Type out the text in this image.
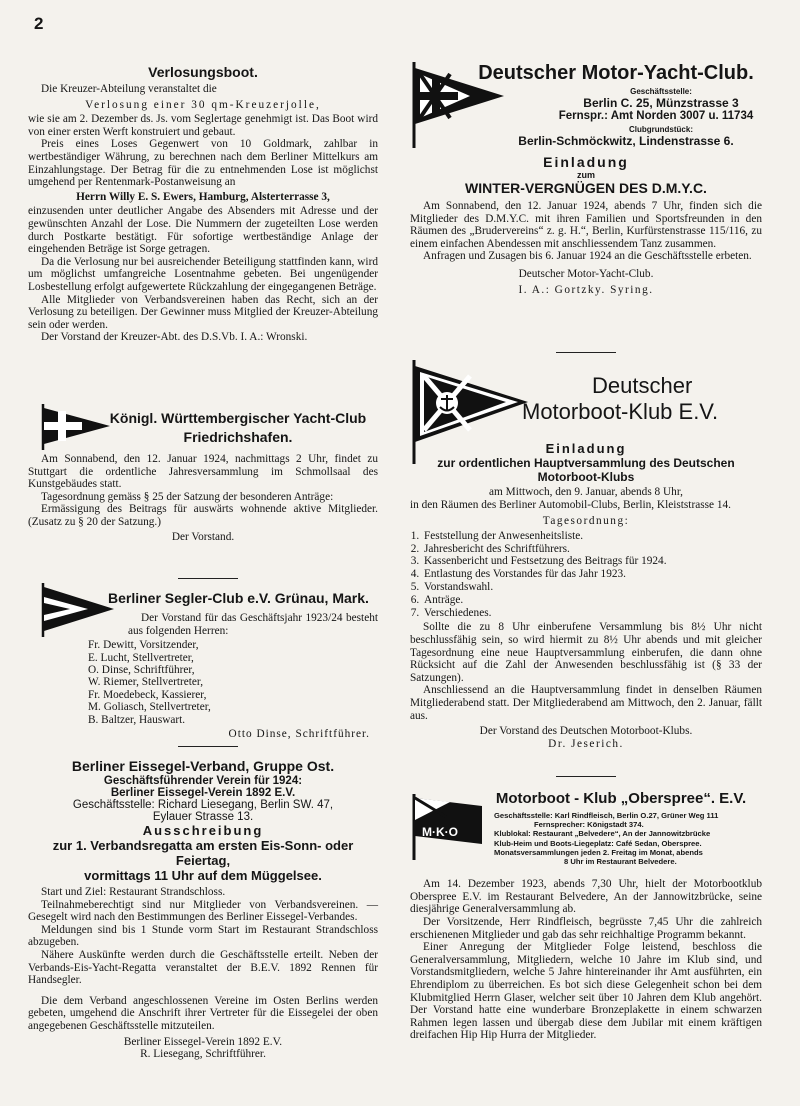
2
Verlosungsboot.

Die Kreuzer-Abteilung veranstaltet die

Verlosung einer 30 qm-Kreuzerjolle,

wie sie am 2. Dezember ds. Js. vom Seglertage genehmigt ist. Das Boot wird von einer ersten Werft konstruiert und gebaut.

Preis eines Loses Gegenwert von 10 Goldmark, zahlbar in wertbeständiger Währung, zu berechnen nach dem Berliner Mittelkurs am Einzahlungstage. Der Betrag für die zu entnehmenden Lose ist möglichst umgehend per Rentenmark-Postanweisung an

Herrn Willy E. S. Ewers, Hamburg, Alsterterrasse 3,

einzusenden unter deutlicher Angabe des Absenders mit Adresse und der gewünschten Anzahl der Lose. Die Nummern der zugeteilten Lose werden durch Postkarte bestätigt. Für sofortige wertbeständige Anlage der eingehenden Beträge ist Sorge getragen.

Da die Verlosung nur bei ausreichender Beteiligung stattfinden kann, wird um möglichst umfangreiche Losentnahme gebeten. Bei ungenügender Losbestellung erfolgt aufgewertete Rückzahlung der eingegangenen Beträge.

Alle Mitglieder von Verbandsvereinen haben das Recht, sich an der Verlosung zu beteiligen. Der Gewinner muss Mitglied der Kreuzer-Abteilung sein oder werden.

Der Vorstand der Kreuzer-Abt. des D.S.Vb. I. A.: Wronski.

Königl. Württembergischer Yacht-Club
Friedrichshafen.

Am Sonnabend, den 12. Januar 1924, nachmittags 2 Uhr, findet zu Stuttgart die ordentliche Jahresversammlung im Schmollsaal des Kunstgebäudes statt.

Tagesordnung gemäss § 25 der Satzung der besonderen Anträge:

Ermässigung des Beitrags für auswärts wohnende aktive Mitglieder. (Zusatz zu § 20 der Satzung.)

Der Vorstand.

Berliner Segler-Club e.V. Grünau, Mark.

Der Vorstand für das Geschäftsjahr 1923/24 besteht aus folgenden Herren:

Fr. Dewitt, Vorsitzender,
E. Lucht, Stellvertreter,
O. Dinse, Schriftführer,
W. Riemer, Stellvertreter,
Fr. Moedebeck, Kassierer,
M. Goliasch, Stellvertreter,
B. Baltzer, Hauswart.

Otto Dinse, Schriftführer.

Berliner Eissegel-Verband, Gruppe Ost.
Geschäftsführender Verein für 1924:
Berliner Eissegel-Verein 1892 E.V.
Geschäftsstelle: Richard Liesegang, Berlin SW. 47,
Eylauer Strasse 13.
Ausschreibung
zur 1. Verbandsregatta am ersten Eis-Sonn- oder Feiertag,
vormittags 11 Uhr auf dem Müggelsee.

Start und Ziel: Restaurant Strandschloss.

Teilnahmeberechtigt sind nur Mitglieder von Verbandsvereinen. — Gesegelt wird nach den Bestimmungen des Berliner Eissegel-Verbandes.

Meldungen sind bis 1 Stunde vorm Start im Restaurant Strandschloss abzugeben.

Nähere Auskünfte werden durch die Geschäftsstelle erteilt. Neben der Verbands-Eis-Yacht-Regatta veranstaltet der B.E.V. 1892 Rennen für Handsegler.

Die dem Verband angeschlossenen Vereine im Osten Berlins werden gebeten, umgehend die Anschrift ihrer Vertreter für die Eissegelei der oben angegebenen Geschäftsstelle mitzuteilen.

Berliner Eissegel-Verein 1892 E.V.

R. Liesegang, Schriftführer.

Deutscher Motor-Yacht-Club.
Geschäftsstelle:
Berlin C. 25, Münzstrasse 3
Fernspr.: Amt Norden 3007 u. 11734
Clubgrundstück:
Berlin-Schmöckwitz, Lindenstrasse 6.
Einladung
zum
WINTER-VERGNÜGEN DES D.M.Y.C.

Am Sonnabend, den 12. Januar 1924, abends 7 Uhr, finden sich die Mitglieder des D.M.Y.C. mit ihren Familien und Sportsfreunden in den Räumen des „Brudervereins“ z. g. H.“, Berlin, Kurfürstenstrasse 115/116, zu einem einfachen Abendessen mit anschliessendem Tanz zusammen.

Anfragen und Zusagen bis 6. Januar 1924 an die Geschäftsstelle erbeten.

Deutscher Motor-Yacht-Club.

I. A.: Gortzky. Syring.

Deutscher
Motorboot-Klub E.V.
Einladung
zur ordentlichen Hauptversammlung des Deutschen
Motorboot-Klubs

am Mittwoch, den 9. Januar, abends 8 Uhr,

in den Räumen des Berliner Automobil-Clubs, Berlin, Kleiststrasse 14.

Tagesordnung:

1. Feststellung der Anwesenheitsliste.
2. Jahresbericht des Schriftführers.
3. Kassenbericht und Festsetzung des Beitrags für 1924.
4. Entlastung des Vorstandes für das Jahr 1923.
5. Vorstandswahl.
6. Anträge.
7. Verschiedenes.

Sollte die zu 8 Uhr einberufene Versammlung bis 8½ Uhr nicht beschlussfähig sein, so wird hiermit zu 8½ Uhr abends und mit gleicher Tagesordnung eine neue Hauptversammlung einberufen, die dann ohne Rücksicht auf die Zahl der Anwesenden beschlussfähig ist (§ 33 der Satzungen).

Anschliessend an die Hauptversammlung findet in denselben Räumen Mitgliederabend statt. Der Mitgliederabend am Mittwoch, den 2. Januar, fällt aus.

Der Vorstand des Deutschen Motorboot-Klubs.

Dr. Jeserich.

M·K·O
Motorboot - Klub „Oberspree“. E.V.
Geschäftsstelle: Karl Rindfleisch, Berlin O.27, Grüner Weg 111
Fernsprecher: Königstadt 374.
Klublokal: Restaurant „Belvedere“, An der Jannowitzbrücke
Klub-Heim und Boots-Liegeplatz: Café Sedan, Oberspree.
Monatsversammlungen jeden 2. Freitag im Monat, abends
8 Uhr im Restaurant Belvedere.

Am 14. Dezember 1923, abends 7,30 Uhr, hielt der Motorbootklub Oberspree E.V. im Restaurant Belvedere, An der Jannowitzbrücke, seine diesjährige Generalversammlung ab.

Der Vorsitzende, Herr Rindfleisch, begrüsste 7,45 Uhr die zahlreich erschienenen Mitglieder und gab das sehr reichhaltige Programm bekannt.

Einer Anregung der Mitglieder Folge leistend, beschloss die Generalversammlung, Mitgliedern, welche 10 Jahre im Klub sind, und Vorstandsmitgliedern, welche 5 Jahre hintereinander ihr Amt ausführten, ein Ehrendiplom zu überreichen. Es bot sich diese Gelegenheit schon bei dem Klubmitglied Herrn Glaser, welcher seit über 10 Jahren dem Klub angehört. Der Vorstand hatte eine wunderbare Bronzeplakette in einem schwarzen Rahmen legen lassen und übergab diese dem Jubilar mit einem kräftigen dreifachen Hip Hip Hurra der Mitglieder.
